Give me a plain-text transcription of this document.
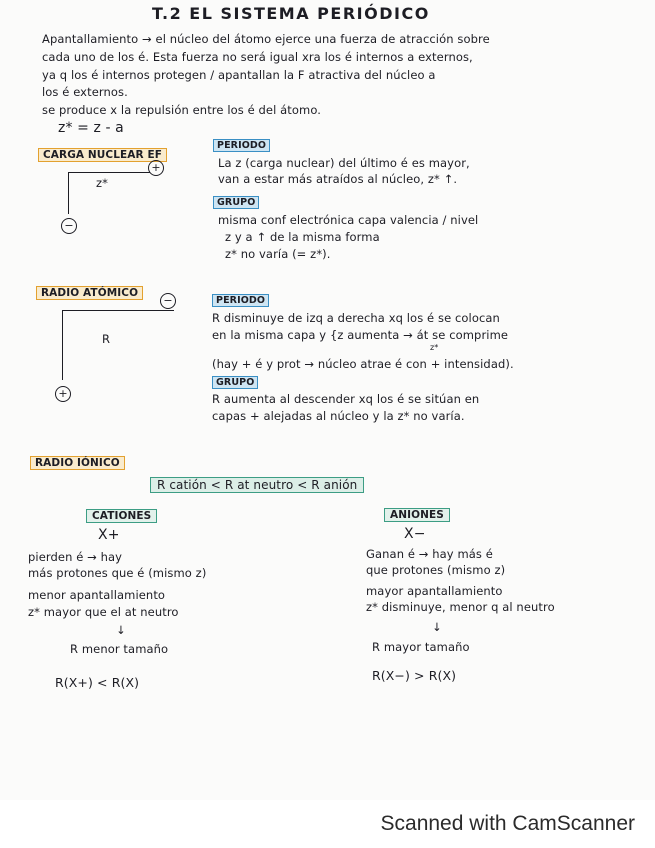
T.2 EL SISTEMA PERIÓDICO
Apantallamiento → el núcleo del átomo ejerce una fuerza de atracción sobre
cada uno de los é. Esta fuerza no será igual xra los é internos a externos,
ya q los é internos protegen / apantallan la F atractiva del núcleo a
los é externos.
se produce x la repulsión entre los é del átomo.
z* = z - a
CARGA NUCLEAR EF
+
z*
−
PERIODO
La z (carga nuclear) del último é es mayor,
van a estar más atraídos al núcleo, z* ↑.
GRUPO
misma conf electrónica capa valencia / nivel
z y a ↑ de la misma forma
z* no varía (= z*).
RADIO ATÓMICO
−
R
+
PERIODO
R disminuye de izq a derecha xq los é se colocan
en la misma capa y {z aumenta → át se comprime
z*
(hay + é y prot → núcleo atrae é con + intensidad).
GRUPO
R aumenta al descender xq los é se sitúan en
capas + alejadas al núcleo y la z* no varía.
RADIO IÓNICO
R catión < R at neutro < R anión
CATIONES
X+
pierden é → hay
más protones que é (mismo z)
menor apantallamiento
z* mayor que el at neutro
↓
R menor tamaño
R(X+) < R(X)
ANIONES
X−
Ganan é → hay más é
que protones (mismo z)
mayor apantallamiento
z* disminuye, menor q al neutro
↓
R mayor tamaño
R(X−) > R(X)
Scanned with CamScanner
